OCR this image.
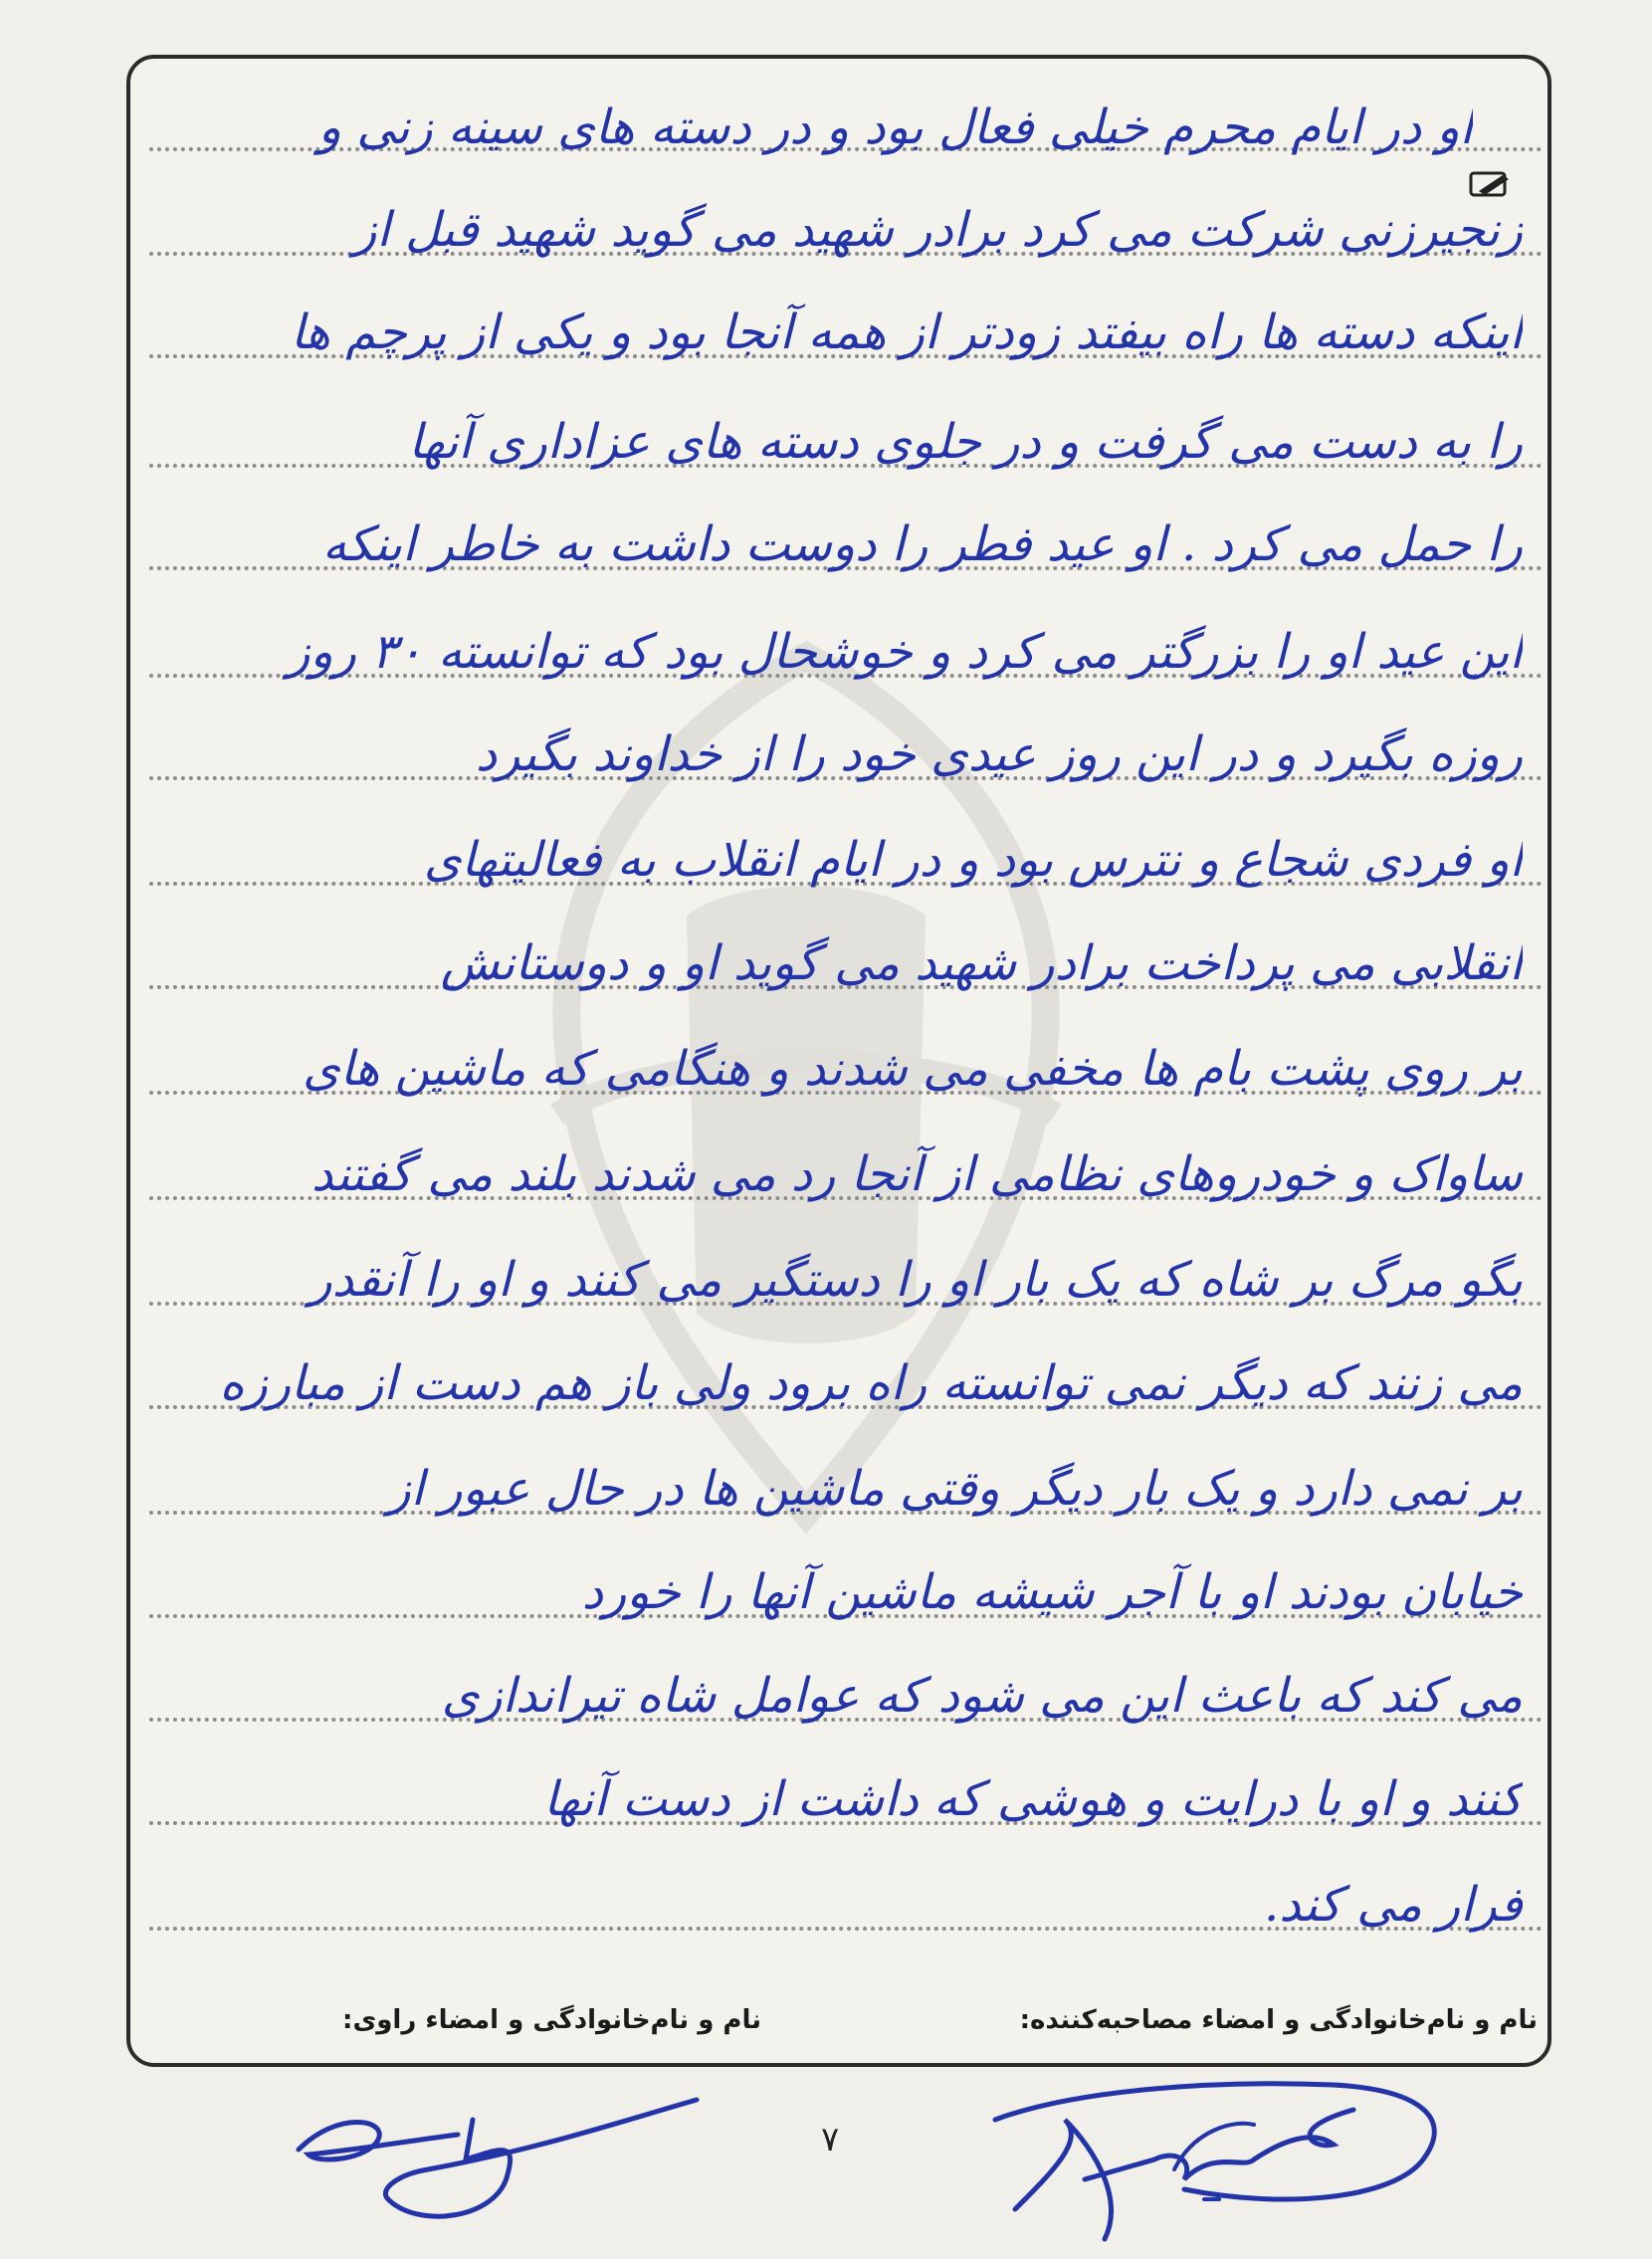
او در ایام محرم خیلی فعال بود و در دسته های سینه زنی و
زنجیرزنی شرکت می کرد برادر شهید می گوید شهید قبل از
اینکه دسته ها راه بیفتد زودتر از همه آنجا بود و یکی از پرچم ها
را به دست می گرفت و در جلوی دسته های عزاداری آنها
را حمل می کرد . او عید فطر را دوست داشت به خاطر اینکه
این عید او را بزرگتر می کرد و خوشحال بود که توانسته ۳۰ روز
روزه بگیرد و در این روز عیدی خود را از خداوند بگیرد
او فردی شجاع و نترس بود و در ایام انقلاب به فعالیتهای
انقلابی می پرداخت برادر شهید می گوید او و دوستانش
بر روی پشت بام ها مخفی می شدند و هنگامی که ماشین های
ساواک و خودروهای نظامی از آنجا رد می شدند بلند می گفتند
بگو مرگ بر شاه که یک بار او را دستگیر می کنند و او را آنقدر
می زنند که دیگر نمی توانسته راه برود ولی باز هم دست از مبارزه
بر نمی دارد و یک بار دیگر وقتی ماشین ها در حال عبور از
خیابان بودند او با آجر شیشه ماشین آنها را خورد
می کند که باعث این می شود که عوامل شاه تیراندازی
کنند و او با درایت و هوشی که داشت از دست آنها
فرار می کند.
نام و نام‌خانوادگی و امضاء مصاحبه‌کننده:
نام و نام‌خانوادگی و امضاء راوی:
۷
